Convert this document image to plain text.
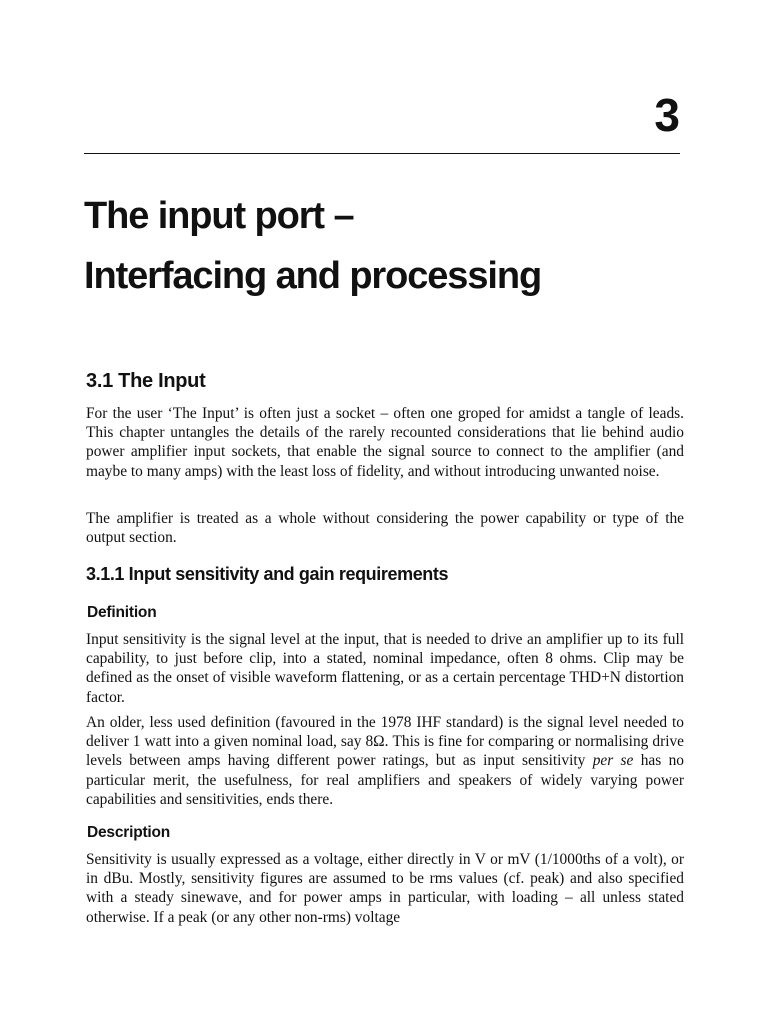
3
The input port –
Interfacing and processing
3.1 The Input

For the user ‘The Input’ is often just a socket – often one groped for amidst a tangle of leads. This chapter untangles the details of the rarely recounted considerations that lie behind audio power amplifier input sockets, that enable the signal source to connect to the amplifier (and maybe to many amps) with the least loss of fidelity, and without introducing unwanted noise.

The amplifier is treated as a whole without considering the power capability or type of the output section.

3.1.1 Input sensitivity and gain requirements
Definition

Input sensitivity is the signal level at the input, that is needed to drive an amplifier up to its full capability, to just before clip, into a stated, nominal impedance, often 8 ohms. Clip may be defined as the onset of visible waveform flattening, or as a certain percentage THD+N distortion factor.

An older, less used definition (favoured in the 1978 IHF standard) is the signal level needed to deliver 1 watt into a given nominal load, say 8Ω. This is fine for comparing or normalising drive levels between amps having different power ratings, but as input sensitivity per se has no particular merit, the usefulness, for real amplifiers and speakers of widely varying power capabilities and sensitivities, ends there.

Description

Sensitivity is usually expressed as a voltage, either directly in V or mV (1/1000ths of a volt), or in dBu. Mostly, sensitivity figures are assumed to be rms values (cf. peak) and also specified with a steady sinewave, and for power amps in particular, with loading – all unless stated otherwise. If a peak (or any other non-rms) voltage
